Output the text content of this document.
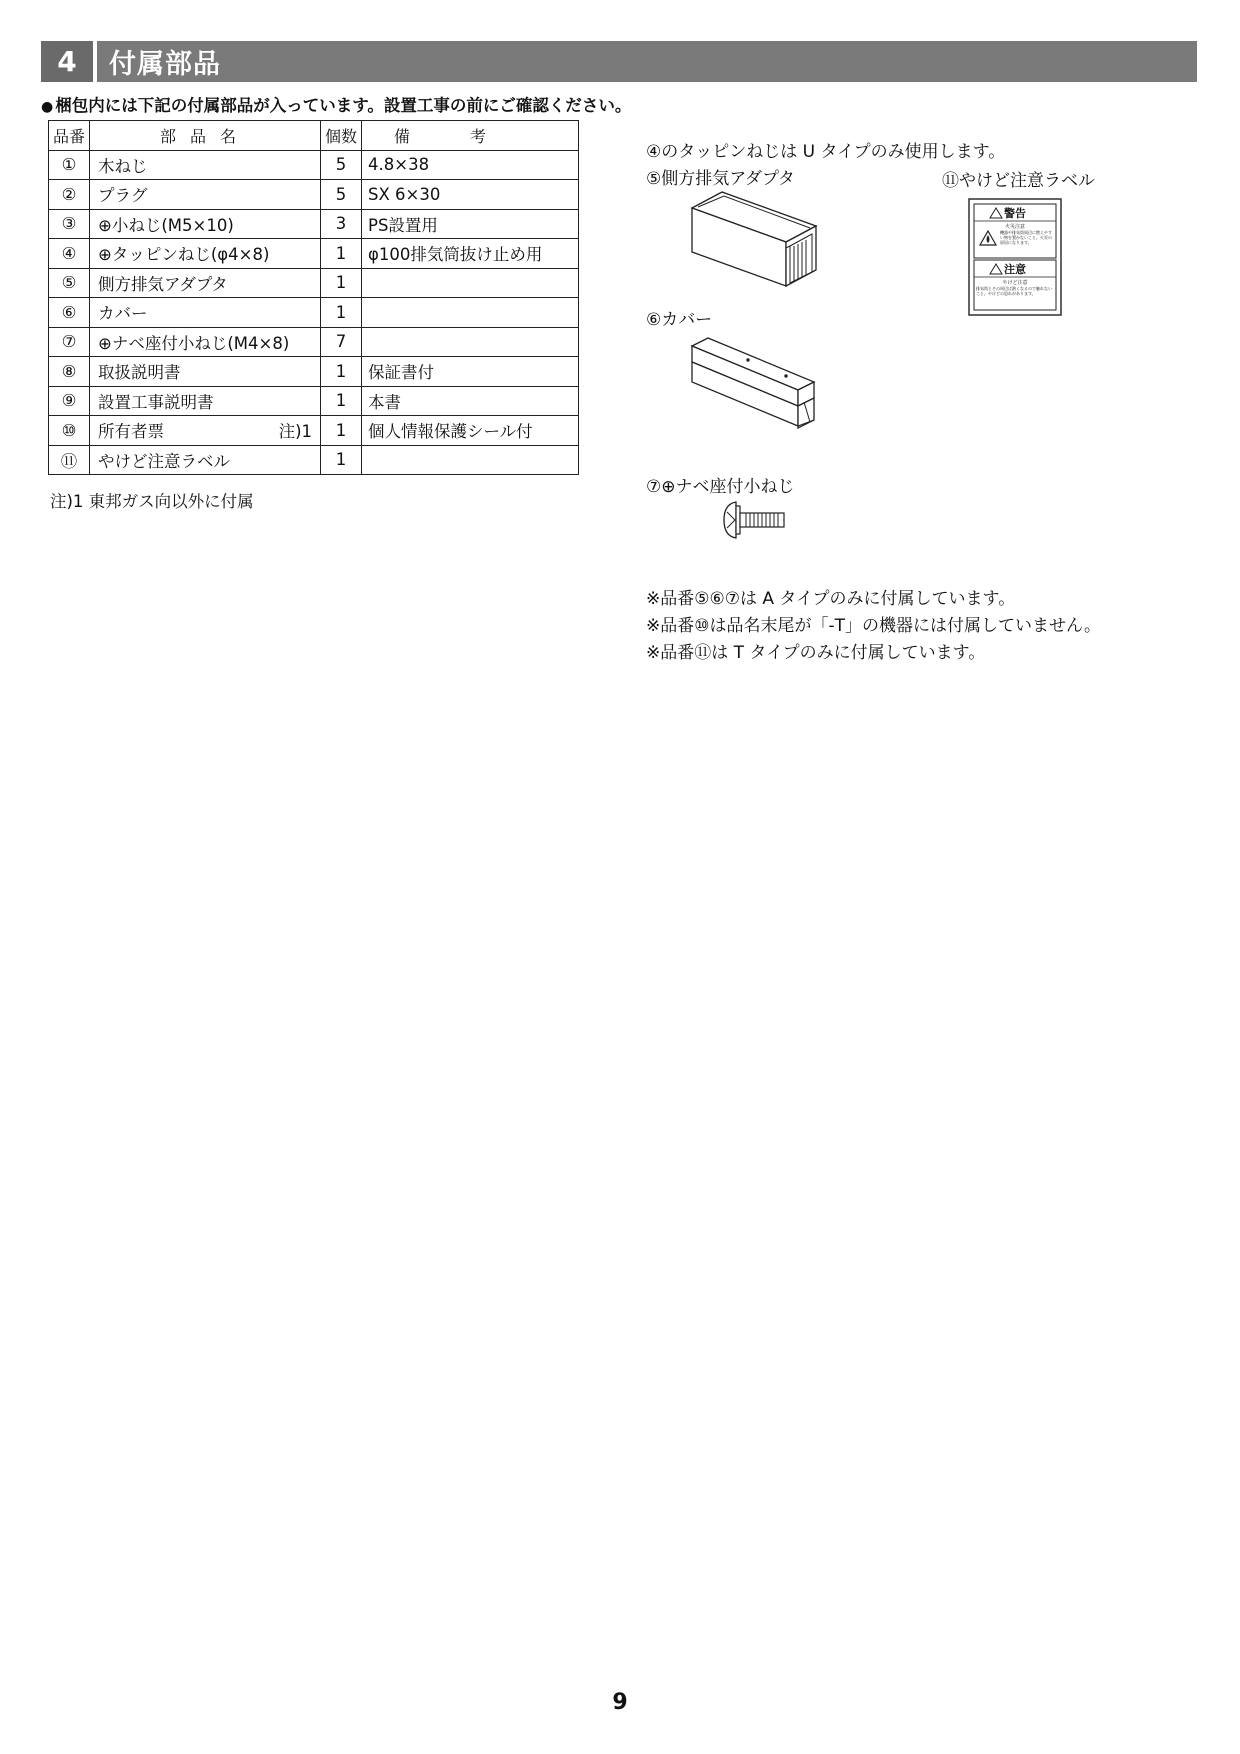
4	付属部品
● 梱包内には下記の付属部品が入っています。設置工事の前にご確認ください。
品番	部品名	個数	備考
①	木ねじ	5	4.8×38
②	プラグ	5	SX 6×30
③	⊕小ねじ(M5×10)	3	PS設置用
④	⊕タッピンねじ(φ4×8)	1	φ100排気筒抜け止め用
⑤	側方排気アダプタ	1	
⑥	カバー	1	
⑦	⊕ナベ座付小ねじ(M4×8)	7	
⑧	取扱説明書	1	保証書付
⑨	設置工事説明書	1	本書
⑩	所有者票 注)1	1	個人情報保護シール付
⑪	やけど注意ラベル	1	
注)1 東邦ガス向以外に付属
④のタッピンねじは U タイプのみ使用します。
⑤側方排気アダプタ	⑪やけど注意ラベル
警告
火災注意
機器や排気筒周辺に燃えやすい物を置かないこと。火災の原因になります。
注意
やけど注意
排気筒とその周辺は熱くなるので触れないこと。やけどの恐れがあります。
⑥カバー
⑦⊕ナベ座付小ねじ
※品番⑤⑥⑦は A タイプのみに付属しています。
※品番⑩は品名末尾が「-T」の機器には付属していません。
※品番⑪は T タイプのみに付属しています。
9
